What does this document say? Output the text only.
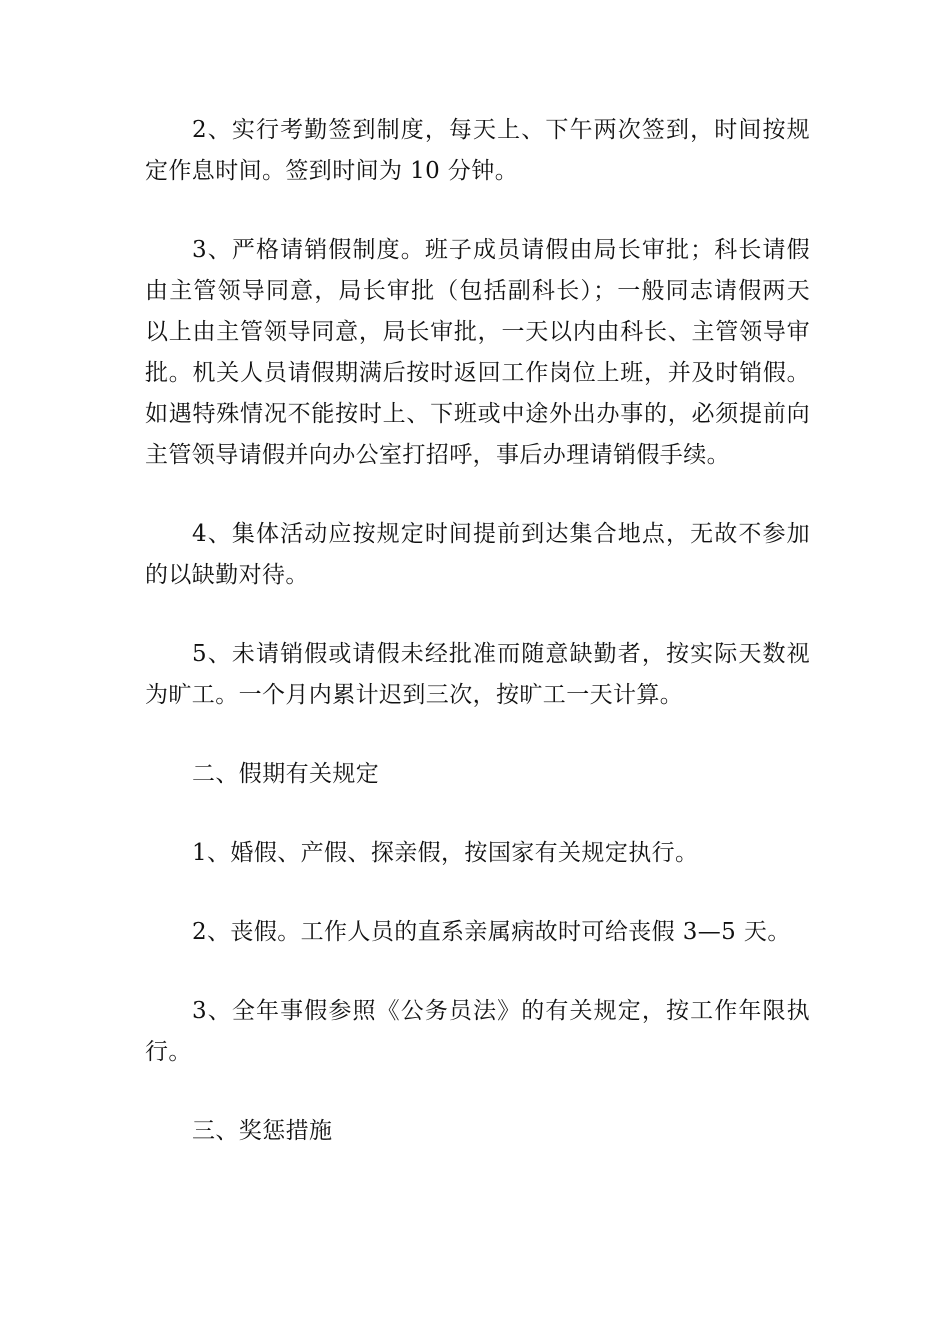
2、实行考勤签到制度，每天上、下午两次签到，时间按规定作息时间。签到时间为 10 分钟。

3、严格请销假制度。班子成员请假由局长审批；科长请假由主管领导同意，局长审批（包括副科长）；一般同志请假两天以上由主管领导同意，局长审批，一天以内由科长、主管领导审批。机关人员请假期满后按时返回工作岗位上班，并及时销假。如遇特殊情况不能按时上、下班或中途外出办事的，必须提前向主管领导请假并向办公室打招呼，事后办理请销假手续。

4、集体活动应按规定时间提前到达集合地点，无故不参加的以缺勤对待。

5、未请销假或请假未经批准而随意缺勤者，按实际天数视为旷工。一个月内累计迟到三次，按旷工一天计算。

二、假期有关规定

1、婚假、产假、探亲假，按国家有关规定执行。

2、丧假。工作人员的直系亲属病故时可给丧假 3—5 天。

3、全年事假参照《公务员法》的有关规定，按工作年限执行。

三、奖惩措施
